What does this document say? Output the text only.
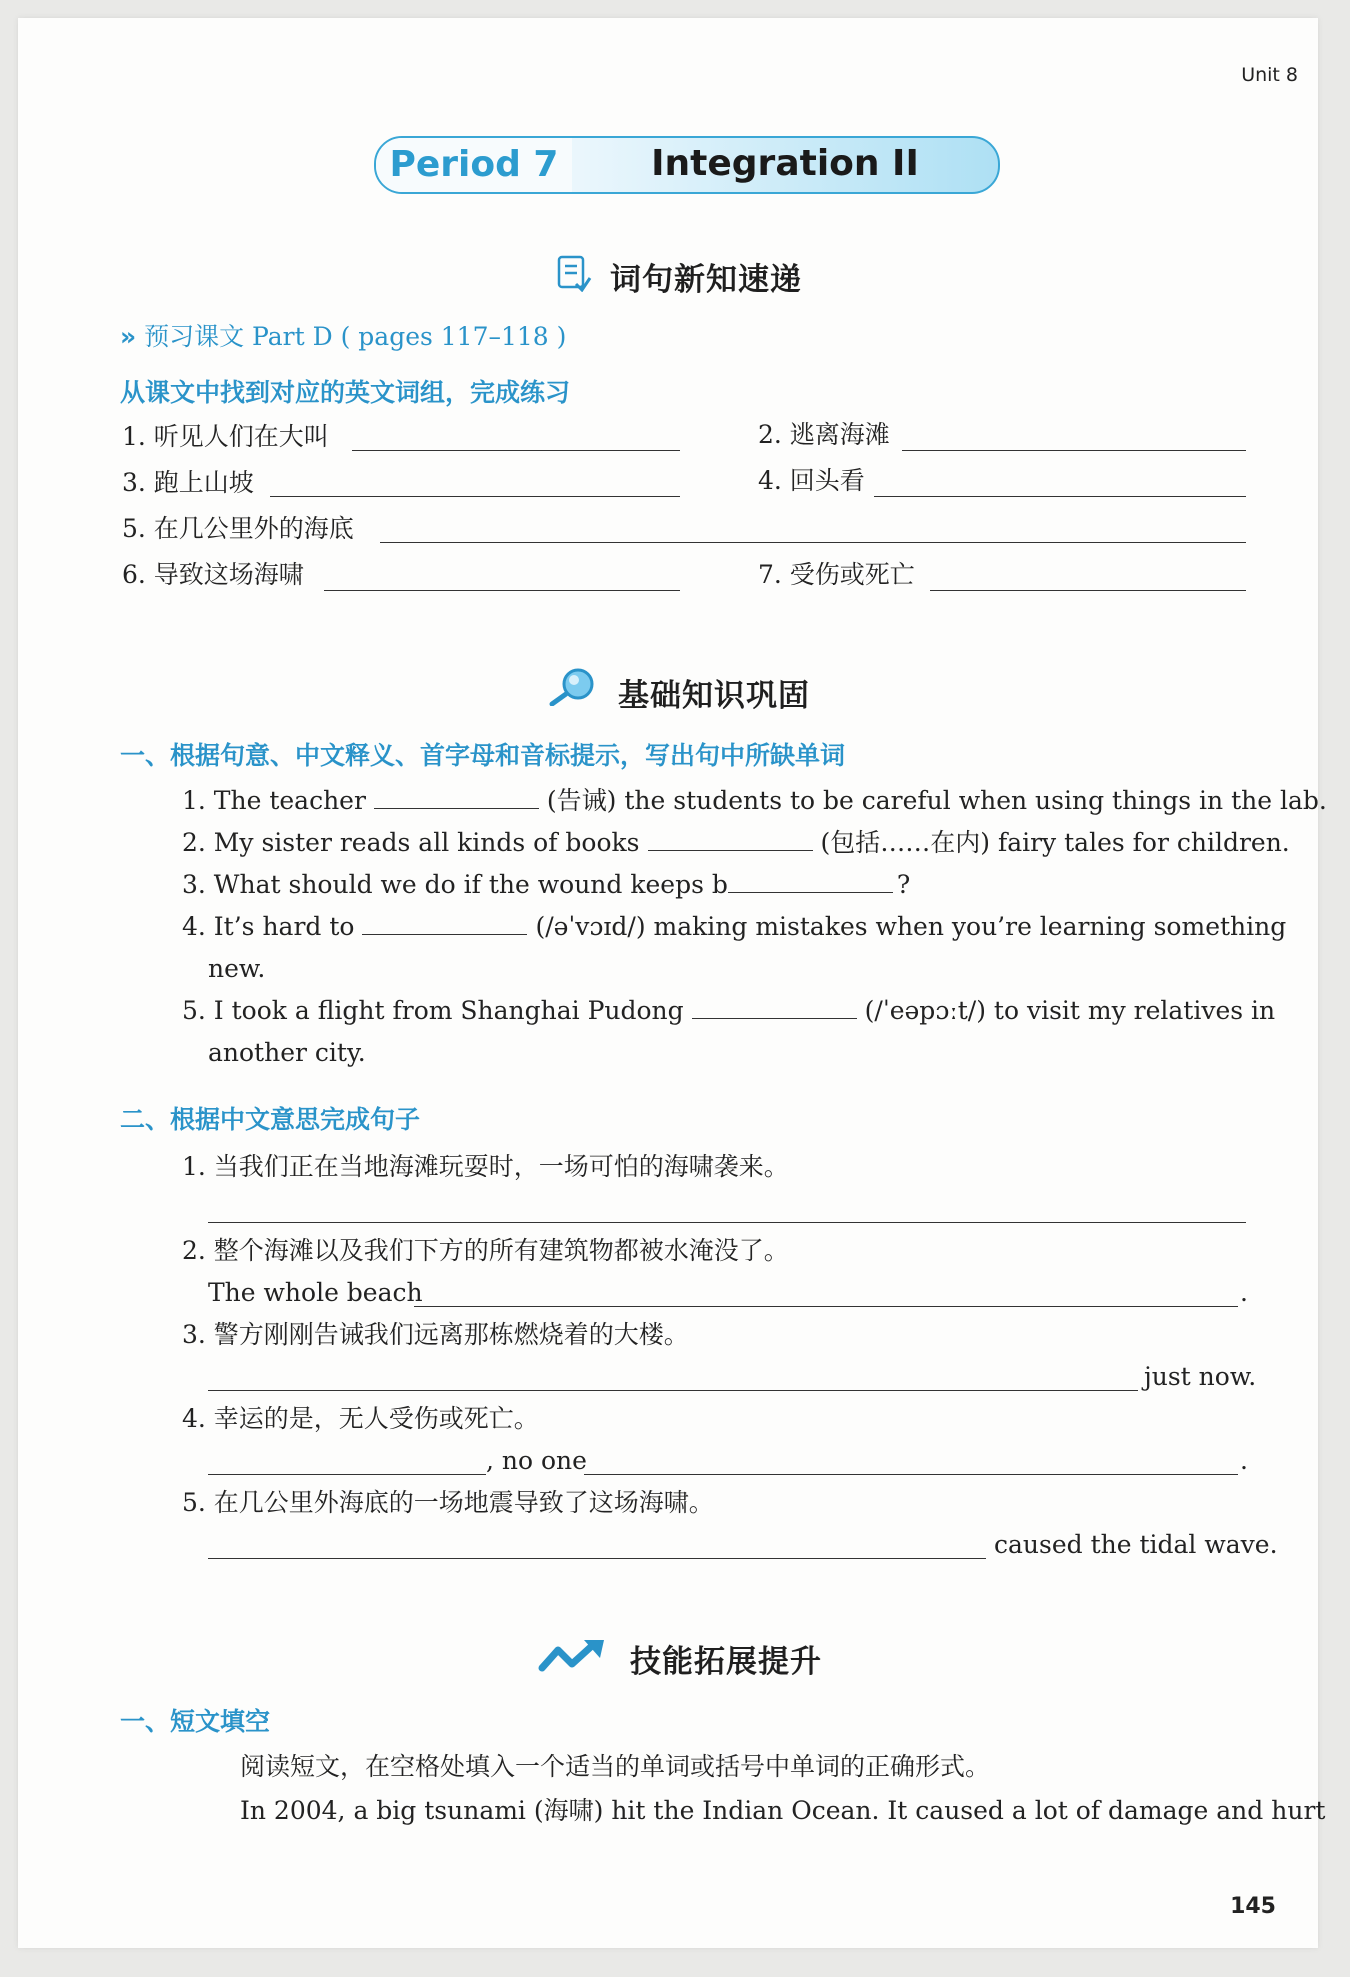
Unit 8
Period 7	Integration II
词句新知速递
» 预习课文 Part D ( pages 117–118 )
从课文中找到对应的英文词组，完成练习
1. 听见人们在大叫	2. 逃离海滩
3. 跑上山坡	4. 回头看
5. 在几公里外的海底
6. 导致这场海啸	7. 受伤或死亡
基础知识巩固
一、根据句意、中文释义、首字母和音标提示，写出句中所缺单词
1. The teacher	(告诫) the students to be careful when using things in the lab.
2. My sister reads all kinds of books	(包括……在内) fairy tales for children.
3. What should we do if the wound keeps b	?
4. It’s hard to	(/əˈvɔɪd/) making mistakes when you’re learning something
new.
5. I took a flight from Shanghai Pudong	(/ˈeəpɔːt/) to visit my relatives in
another city.
二、根据中文意思完成句子
1. 当我们正在当地海滩玩耍时，一场可怕的海啸袭来。
2. 整个海滩以及我们下方的所有建筑物都被水淹没了。
The whole beach	.
3. 警方刚刚告诫我们远离那栋燃烧着的大楼。
just now.
4. 幸运的是，无人受伤或死亡。
, no one	.
5. 在几公里外海底的一场地震导致了这场海啸。
caused the tidal wave.
技能拓展提升
一、短文填空
阅读短文，在空格处填入一个适当的单词或括号中单词的正确形式。
In 2004, a big tsunami (海啸) hit the Indian Ocean. It caused a lot of damage and hurt
145
